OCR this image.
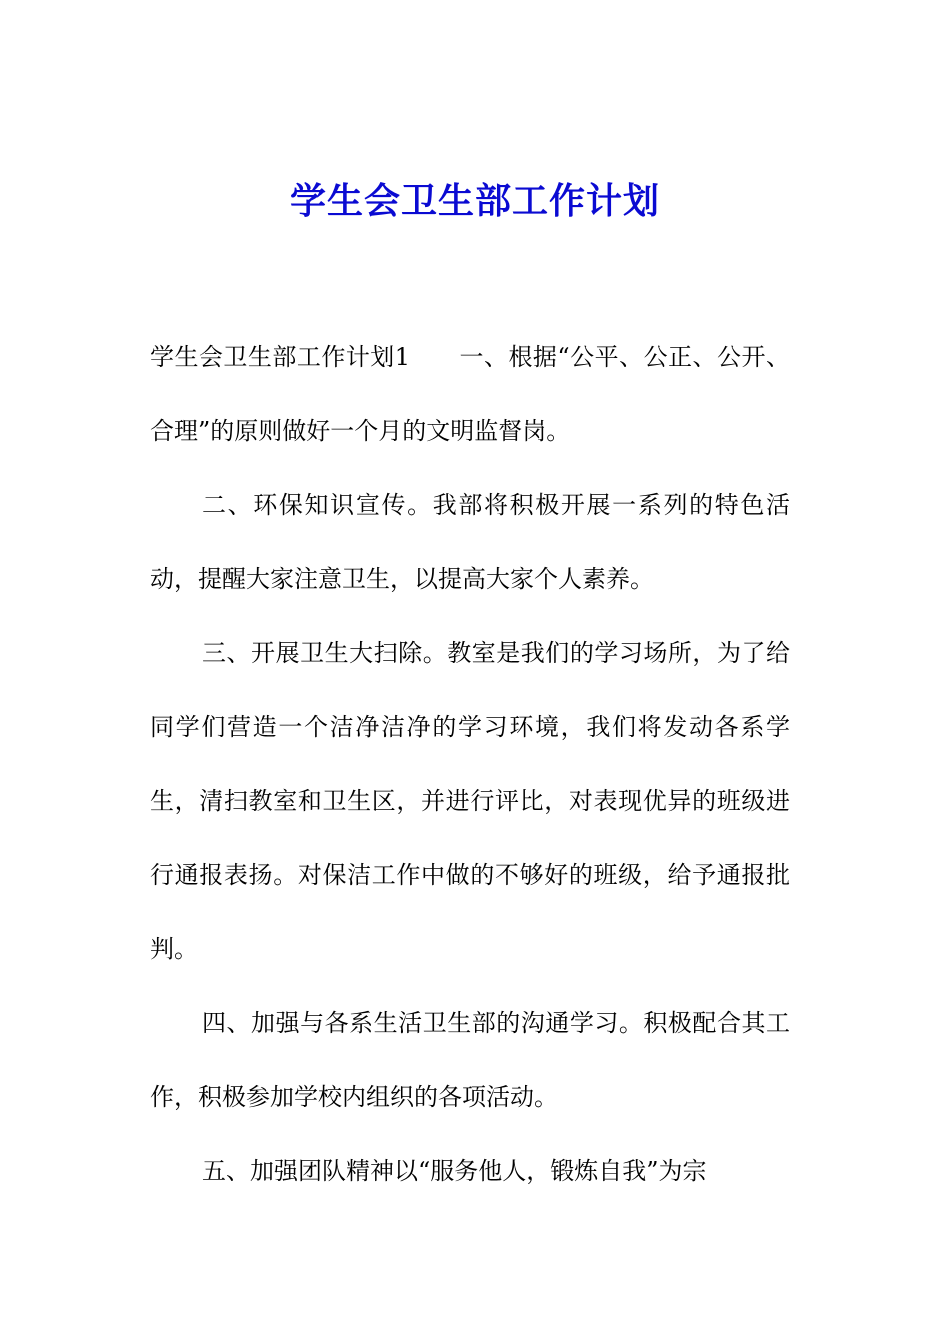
学生会卫生部工作计划

学生会卫生部工作计划1　　一、根据“公平、公正、公开、合理”的原则做好一个月的文明监督岗。

二、环保知识宣传。我部将积极开展一系列的特色活动，提醒大家注意卫生，以提高大家个人素养。

三、开展卫生大扫除。教室是我们的学习场所，为了给同学们营造一个洁净洁净的学习环境，我们将发动各系学生，清扫教室和卫生区，并进行评比，对表现优异的班级进行通报表扬。对保洁工作中做的不够好的班级，给予通报批判。

四、加强与各系生活卫生部的沟通学习。积极配合其工作，积极参加学校内组织的各项活动。

五、加强团队精神以“服务他人，锻炼自我”为宗
